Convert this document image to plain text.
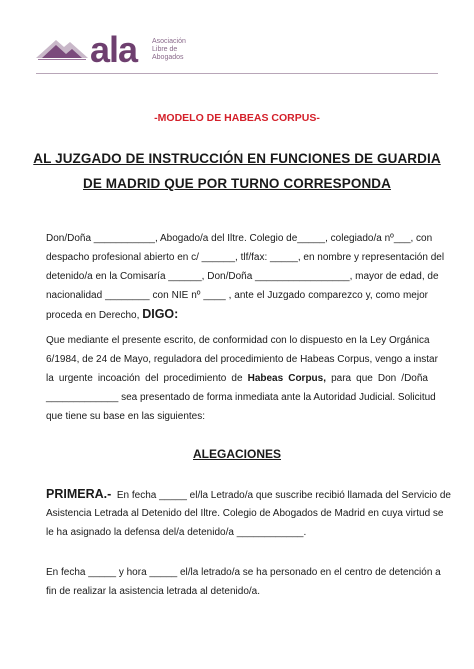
ala Asociación
Libre de
Abogados
-MODELO DE HABEAS CORPUS-
AL JUZGADO DE INSTRUCCIÓN EN FUNCIONES DE GUARDIA
DE MADRID QUE POR TURNO CORRESPONDA
Don/Doña ___________, Abogado/a del Iltre. Colegio de_____, colegiado/a nº___, con
despacho profesional abierto en c/ ______, tlf/fax: _____, en nombre y representación del
detenido/a en la Comisaría ______, Don/Doña _________________, mayor de edad, de
nacionalidad ________ con NIE nº ____ , ante el Juzgado comparezco y, como mejor
proceda en Derecho, DIGO:
Que mediante el presente escrito, de conformidad con lo dispuesto en la Ley Orgánica
6/1984, de 24 de Mayo, reguladora del procedimiento de Habeas Corpus, vengo a instar
la urgente incoación del procedimiento de Habeas Corpus, para que Don /Doña
_____________ sea presentado de forma inmediata ante la Autoridad Judicial. Solicitud
que tiene su base en las siguientes:
ALEGACIONES
PRIMERA.- En fecha _____ el/la Letrado/a que suscribe recibió llamada del Servicio de
Asistencia Letrada al Detenido del Iltre. Colegio de Abogados de Madrid en cuya virtud se
le ha asignado la defensa del/a detenido/a ____________.
En fecha _____ y hora _____ el/la letrado/a se ha personado en el centro de detención a
fin de realizar la asistencia letrada al detenido/a.
